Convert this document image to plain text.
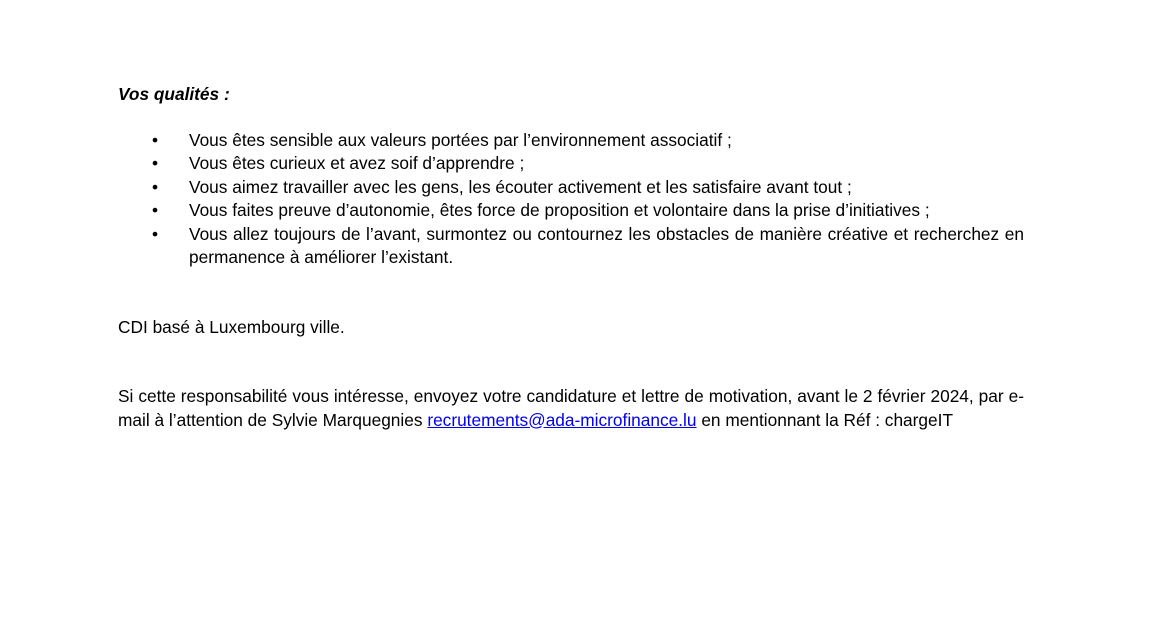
Vos qualités :

• Vous êtes sensible aux valeurs portées par l’environnement associatif ;
• Vous êtes curieux et avez soif d’apprendre ;
• Vous aimez travailler avec les gens, les écouter activement et les satisfaire avant tout ;
• Vous faites preuve d’autonomie, êtes force de proposition et volontaire dans la prise d’initiatives ;
• Vous allez toujours de l’avant, surmontez ou contournez les obstacles de manière créative et recherchez en permanence à améliorer l’existant.

CDI basé à Luxembourg ville.

Si cette responsabilité vous intéresse, envoyez votre candidature et lettre de motivation, avant le 2 février 2024, par e-mail à l’attention de Sylvie Marquegnies recrutements@ada-microfinance.lu en mentionnant la Réf : chargeIT
